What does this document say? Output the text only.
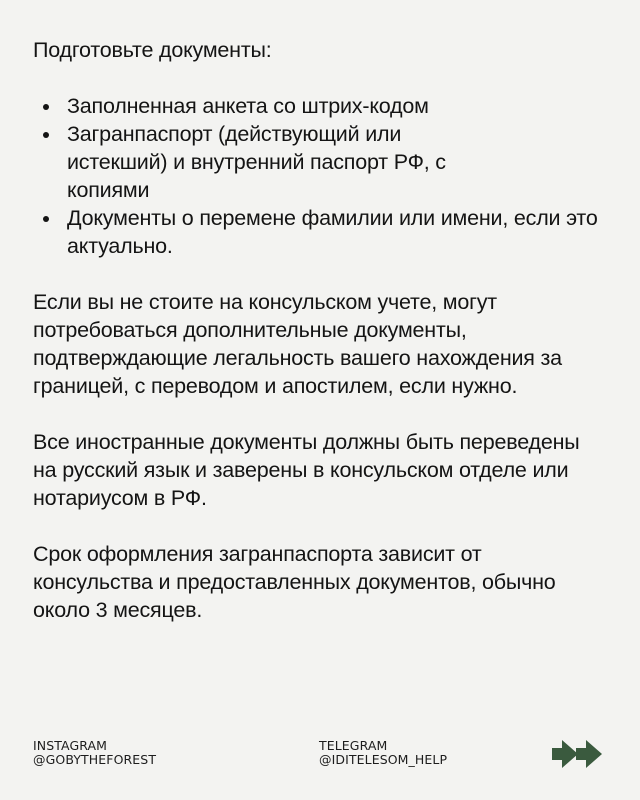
Подготовьте документы:

Заполненная анкета со штрих-кодом
Загранпаспорт (действующий или истекший) и внутренний паспорт РФ, с копиями
Документы о перемене фамилии или имени, если это актуально.

Если вы не стоите на консульском учете, могут потребоваться дополнительные документы, подтверждающие легальность вашего нахождения за границей, с переводом и апостилем, если нужно.

Все иностранные документы должны быть переведены на русский язык и заверены в консульском отделе или нотариусом в РФ.

Срок оформления загранпаспорта зависит от консульства и предоставленных документов, обычно около 3 месяцев.

INSTAGRAM
@GOBYTHEFOREST
TELEGRAM
@IDITELESOM_HELP
